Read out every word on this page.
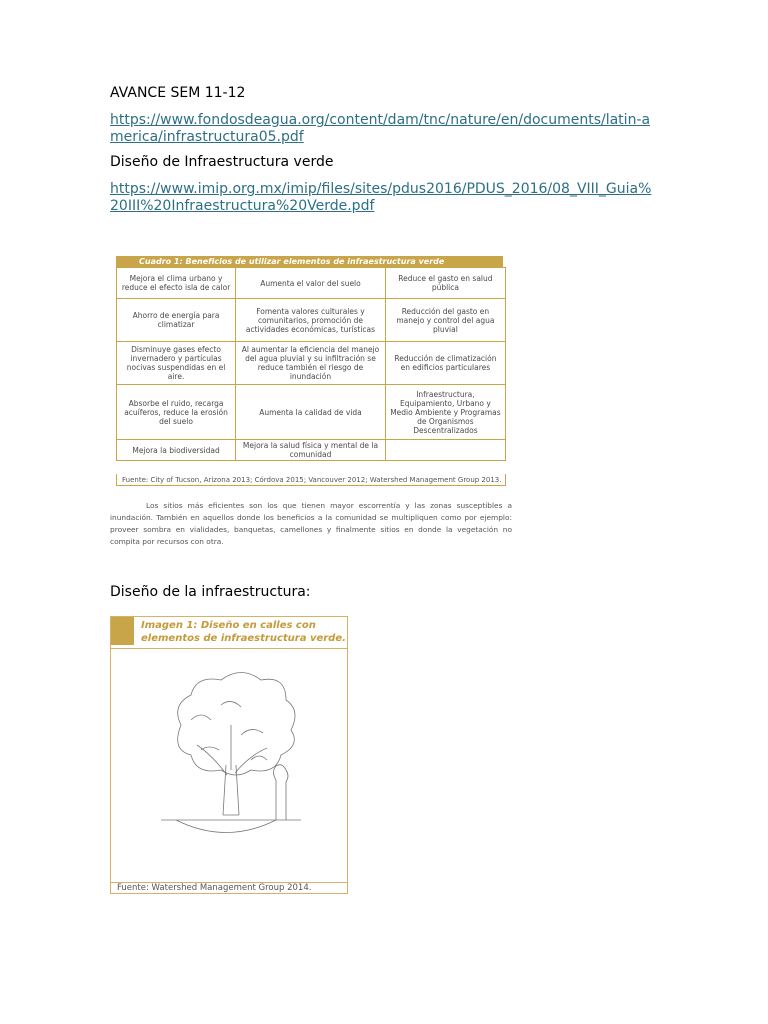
AVANCE SEM 11-12
https://www.fondosdeagua.org/content/dam/tnc/nature/en/documents/latin-america/infrastructura05.pdf
Diseño de Infraestructura verde
https://www.imip.org.mx/imip/files/sites/pdus2016/PDUS_2016/08_VIII_Guia%20III%20Infraestructura%20Verde.pdf
Cuadro 1: Beneficios de utilizar elementos de infraestructura verde
Mejora el clima urbano y reduce el efecto isla de calor	Aumenta el valor del suelo	Reduce el gasto en salud pública
Ahorro de energía para climatizar	Fomenta valores culturales y comunitarios, promoción de actividades económicas, turísticas	Reducción del gasto en manejo y control del agua pluvial
Disminuye gases efecto invernadero y partículas nocivas suspendidas en el aire.	Al aumentar la eficiencia del manejo del agua pluvial y su infiltración se reduce también el riesgo de inundación	Reducción de climatización en edificios particulares
Absorbe el ruido, recarga acuíferos, reduce la erosión del suelo	Aumenta la calidad de vida	Infraestructura, Equipamiento, Urbano y Medio Ambiente y Programas de Organismos Descentralizados
Mejora la biodiversidad	Mejora la salud física y mental de la comunidad	
Fuente: City of Tucson, Arizona 2013; Córdova 2015; Vancouver 2012; Watershed Management Group 2013.
Los sitios más eficientes son los que tienen mayor escorrentía y las zonas susceptibles a inundación. También en aquellos donde los beneficios a la comunidad se multipliquen como por ejemplo: proveer sombra en vialidades, banquetas, camellones y finalmente sitios en donde la vegetación no compita por recursos con otra.
Diseño de la infraestructura:
Imagen 1: Diseño en calles con elementos de infraestructura verde.
Fuente: Watershed Management Group 2014.
